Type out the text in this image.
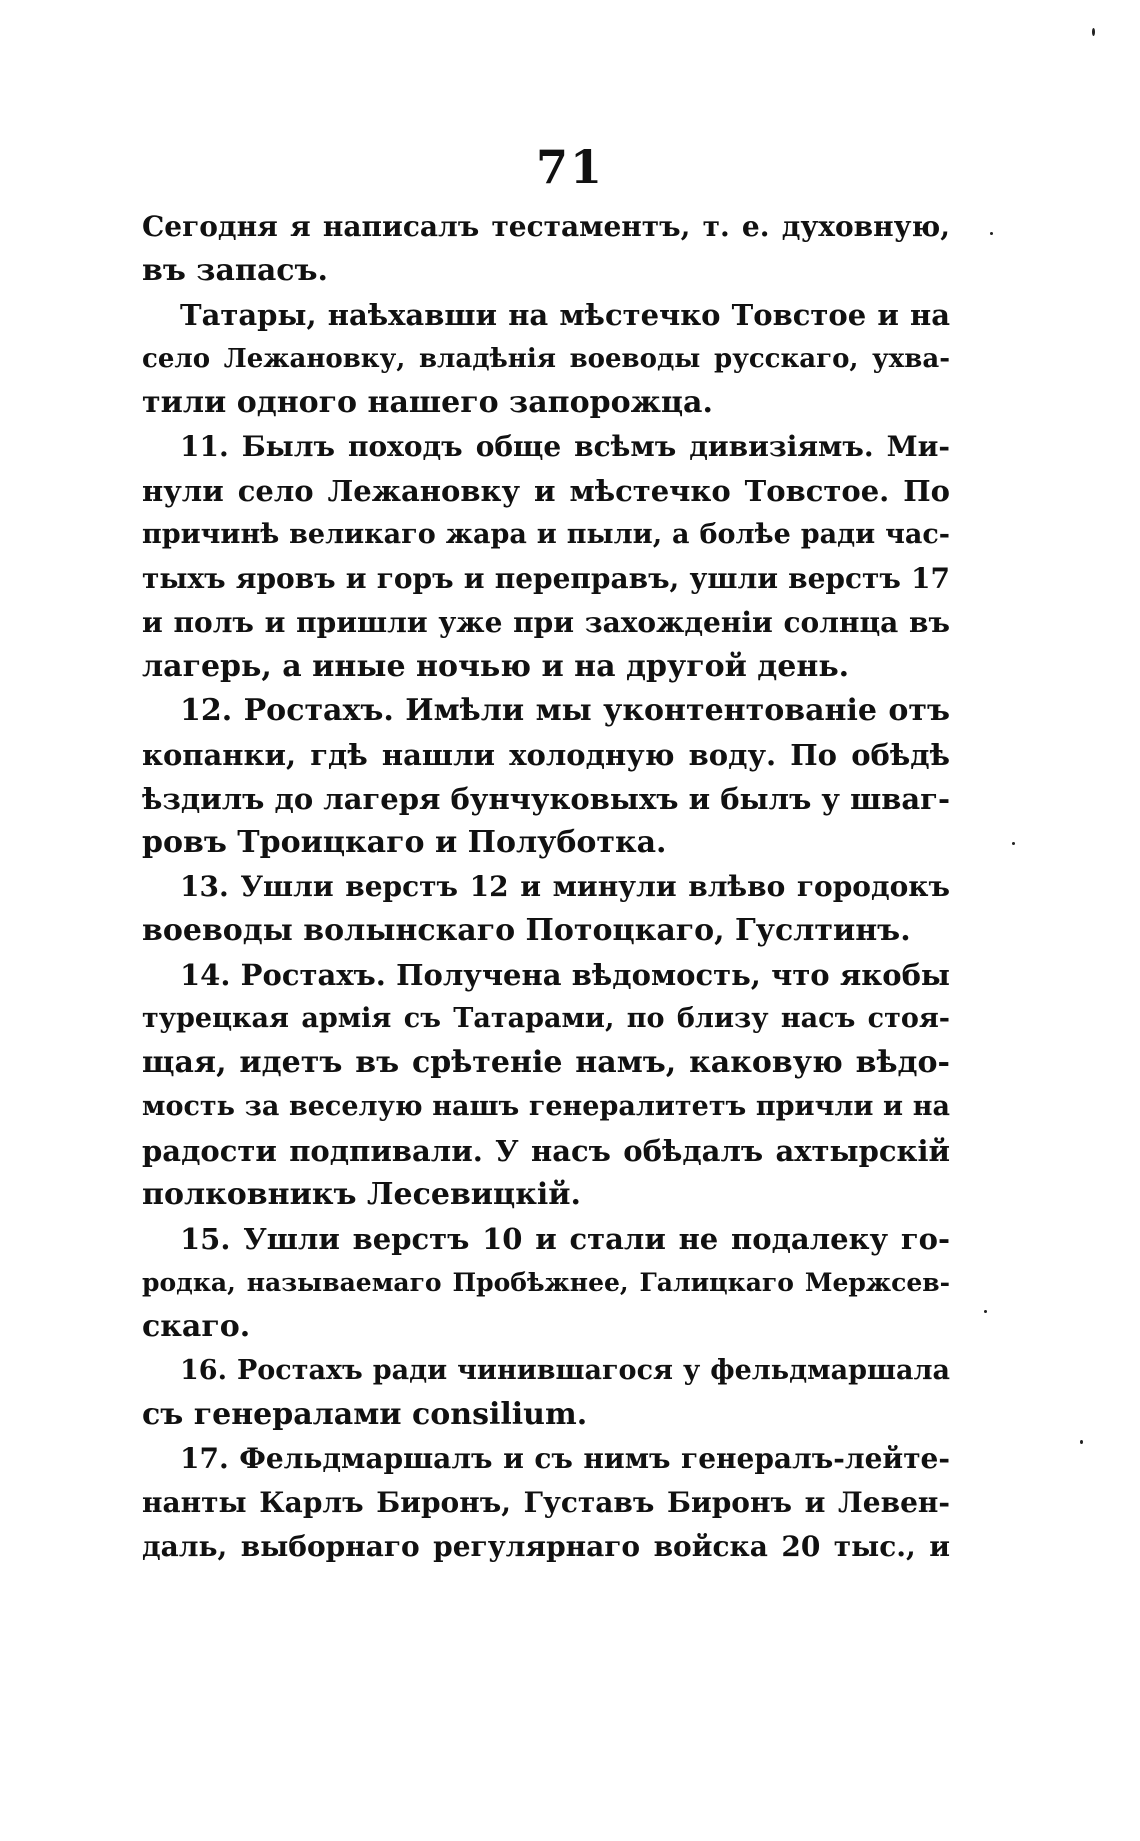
71
Сегодня я написалъ тестаментъ, т. е. духовную,
въ запасъ.
Татары, наѣхавши на мѣстечко Товстое и на
село Лежановку, владѣнія воеводы русскаго, ухва-
тили одного нашего запорожца.
11. Былъ походъ обще всѣмъ дивизіямъ. Ми-
нули село Лежановку и мѣстечко Товстое. По
причинѣ великаго жара и пыли, а болѣе ради час-
тыхъ яровъ и горъ и переправъ, ушли верстъ 17
и полъ и пришли уже при захожденіи солнца въ
лагерь, а иные ночью и на другой день.
12. Ростахъ. Имѣли мы уконтентованіе отъ
копанки, гдѣ нашли холодную воду. По обѣдѣ
ѣздилъ до лагеря бунчуковыхъ и былъ у шваг-
ровъ Троицкаго и Полуботка.
13. Ушли верстъ 12 и минули влѣво городокъ
воеводы волынскаго Потоцкаго, Гуслтинъ.
14. Ростахъ. Получена вѣдомость, что якобы
турецкая армія съ Татарами, по близу насъ стоя-
щая, идетъ въ срѣтеніе намъ, каковую вѣдо-
мость за веселую нашъ генералитетъ причли и на
радости подпивали. У насъ обѣдалъ ахтырскій
полковникъ Лесевицкій.
15. Ушли верстъ 10 и стали не подалеку го-
родка, называемаго Пробѣжнее, Галицкаго Мержсев-
скаго.
16. Ростахъ ради чинившагося у фельдмаршала
съ генералами consilium.
17. Фельдмаршалъ и съ нимъ генералъ-лейте-
нанты Карлъ Биронъ, Густавъ Биронъ и Левен-
даль, выборнаго регулярнаго войска 20 тыс., и
